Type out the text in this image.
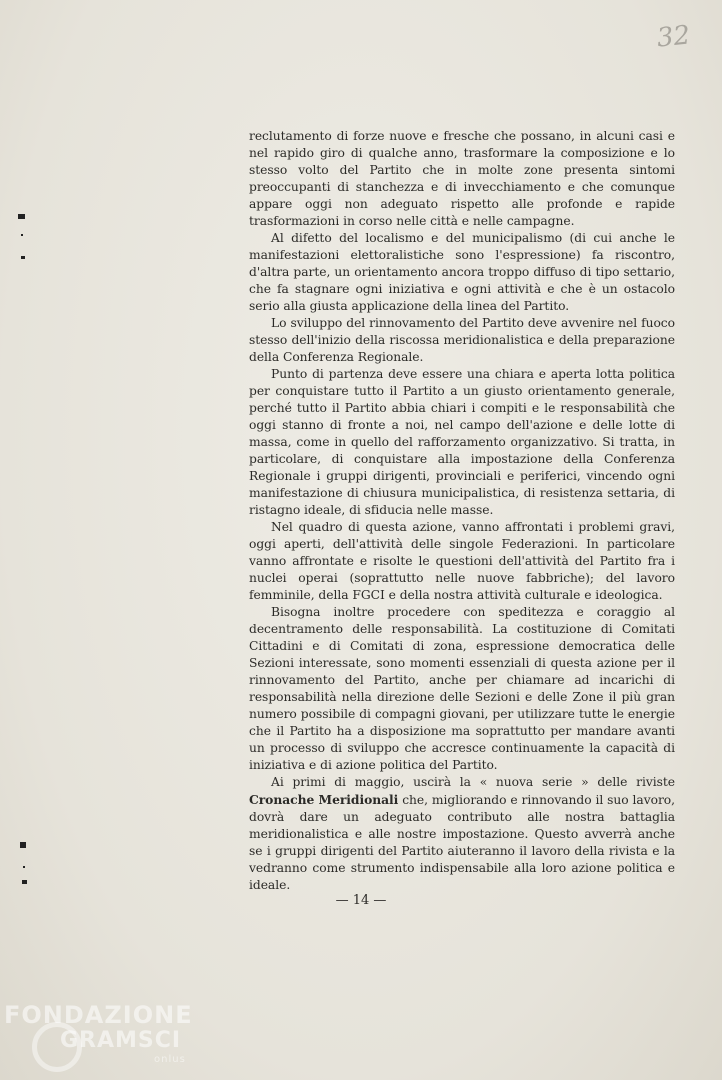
32

reclutamento di forze nuove e fresche che possano, in alcuni casi e nel rapido giro di qualche anno, trasformare la composizione e lo stesso volto del Partito che in molte zone presenta sintomi preoccupanti di stanchezza e di invecchiamento e che comunque appare oggi non adeguato rispetto alle profonde e rapide trasformazioni in corso nelle città e nelle campagne.

Al difetto del localismo e del municipalismo (di cui anche le manifestazioni elettoralistiche sono l'espressione) fa riscontro, d'altra parte, un orientamento ancora troppo diffuso di tipo settario, che fa stagnare ogni iniziativa e ogni attività e che è un ostacolo serio alla giusta applicazione della linea del Partito.

Lo sviluppo del rinnovamento del Partito deve avvenire nel fuoco stesso dell'inizio della riscossa meridionalistica e della preparazione della Conferenza Regionale.

Punto di partenza deve essere una chiara e aperta lotta politica per conquistare tutto il Partito a un giusto orientamento generale, perché tutto il Partito abbia chiari i compiti e le responsabilità che oggi stanno di fronte a noi, nel campo dell'azione e delle lotte di massa, come in quello del rafforzamento organizzativo. Si tratta, in particolare, di conquistare alla impostazione della Conferenza Regionale i gruppi dirigenti, provinciali e periferici, vincendo ogni manifestazione di chiusura municipalistica, di resistenza settaria, di ristagno ideale, di sfiducia nelle masse.

Nel quadro di questa azione, vanno affrontati i problemi gravi, oggi aperti, dell'attività delle singole Federazioni. In particolare vanno affrontate e risolte le questioni dell'attività del Partito fra i nuclei operai (soprattutto nelle nuove fabbriche); del lavoro femminile, della FGCI e della nostra attività culturale e ideologica.

Bisogna inoltre procedere con speditezza e coraggio al decentramento delle responsabilità. La costituzione di Comitati Cittadini e di Comitati di zona, espressione democratica delle Sezioni interessate, sono momenti essenziali di questa azione per il rinnovamento del Partito, anche per chiamare ad incarichi di responsabilità nella direzione delle Sezioni e delle Zone il più gran numero possibile di compagni giovani, per utilizzare tutte le energie che il Partito ha a disposizione ma soprattutto per mandare avanti un processo di sviluppo che accresce continuamente la capacità di iniziativa e di azione politica del Partito.

Ai primi di maggio, uscirà la « nuova serie » delle riviste Cronache Meridionali che, migliorando e rinnovando il suo lavoro, dovrà dare un adeguato contributo alle nostra battaglia meridionalistica e alle nostre impostazione. Questo avverrà anche se i gruppi dirigenti del Partito aiuteranno il lavoro della rivista e la vedranno come strumento indispensabile alla loro azione politica e ideale.

— 14 —
FONDAZIONE
GRAMSCI
onlus
